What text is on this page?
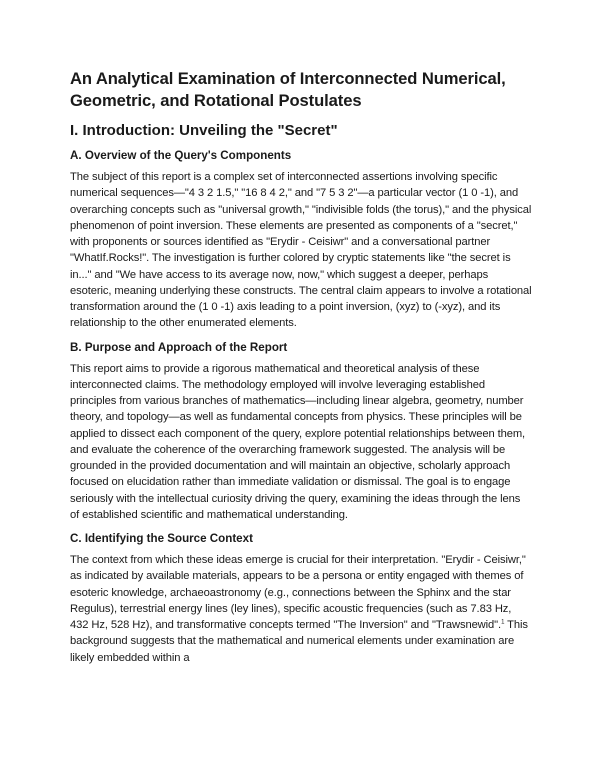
An Analytical Examination of Interconnected Numerical, Geometric, and Rotational Postulates
I. Introduction: Unveiling the "Secret"
A. Overview of the Query's Components

The subject of this report is a complex set of interconnected assertions involving specific numerical sequences—"4 3 2 1.5," "16 8 4 2," and "7 5 3 2"—a particular vector (1 0 -1), and overarching concepts such as "universal growth," "indivisible folds (the torus)," and the physical phenomenon of point inversion. These elements are presented as components of a "secret," with proponents or sources identified as "Erydir - Ceisiwr" and a conversational partner "WhatIf.Rocks!". The investigation is further colored by cryptic statements like "the secret is in..." and "We have access to its average now, now," which suggest a deeper, perhaps esoteric, meaning underlying these constructs. The central claim appears to involve a rotational transformation around the (1 0 -1) axis leading to a point inversion, (xyz) to (-xyz), and its relationship to the other enumerated elements.

B. Purpose and Approach of the Report

This report aims to provide a rigorous mathematical and theoretical analysis of these interconnected claims. The methodology employed will involve leveraging established principles from various branches of mathematics—including linear algebra, geometry, number theory, and topology—as well as fundamental concepts from physics. These principles will be applied to dissect each component of the query, explore potential relationships between them, and evaluate the coherence of the overarching framework suggested. The analysis will be grounded in the provided documentation and will maintain an objective, scholarly approach focused on elucidation rather than immediate validation or dismissal. The goal is to engage seriously with the intellectual curiosity driving the query, examining the ideas through the lens of established scientific and mathematical understanding.

C. Identifying the Source Context

The context from which these ideas emerge is crucial for their interpretation. "Erydir - Ceisiwr," as indicated by available materials, appears to be a persona or entity engaged with themes of esoteric knowledge, archaeoastronomy (e.g., connections between the Sphinx and the star Regulus), terrestrial energy lines (ley lines), specific acoustic frequencies (such as 7.83 Hz, 432 Hz, 528 Hz), and transformative concepts termed "The Inversion" and "Trawsnewid".$^1$ This background suggests that the mathematical and numerical elements under examination are likely embedded within a
